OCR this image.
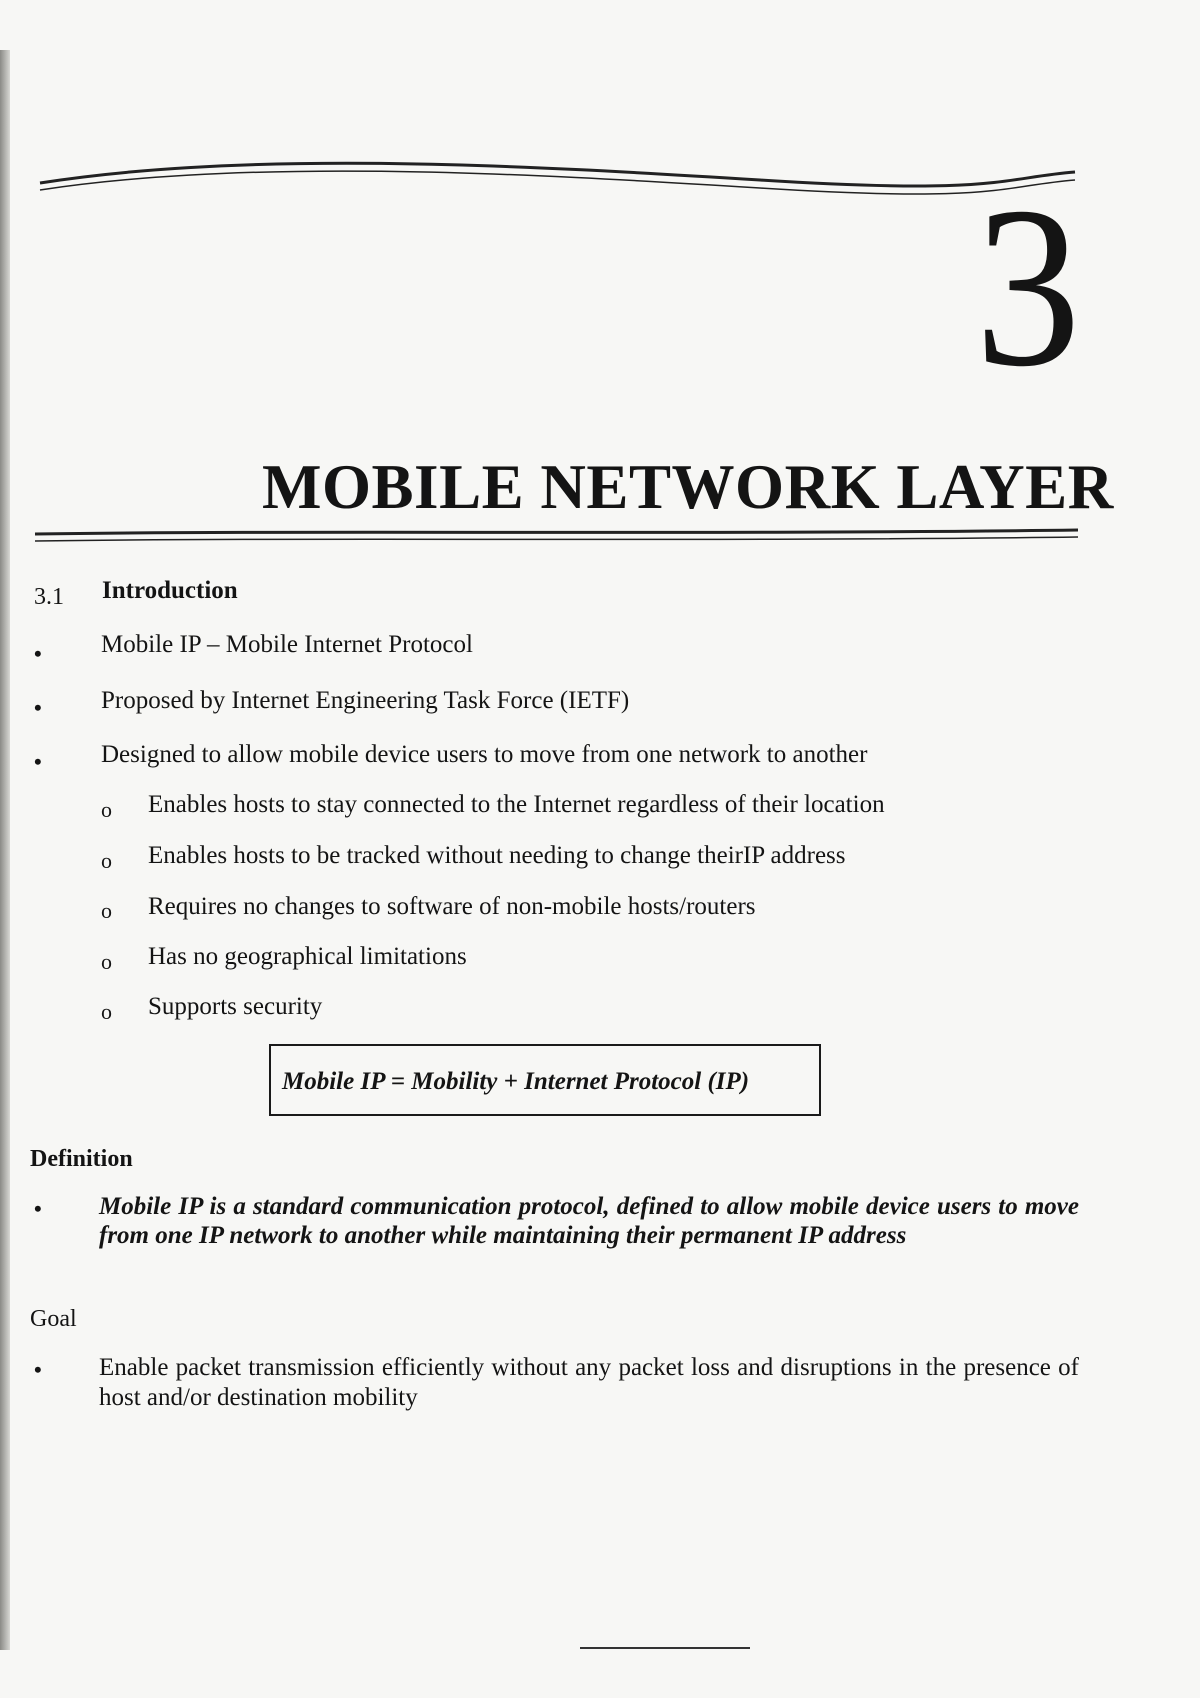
3
MOBILE NETWORK LAYER
3.1 Introduction
• Mobile IP – Mobile Internet Protocol
• Proposed by Internet Engineering Task Force (IETF)
• Designed to allow mobile device users to move from one network to another
o Enables hosts to stay connected to the Internet regardless of their location
o Enables hosts to be tracked without needing to change theirIP address
o Requires no changes to software of non-mobile hosts/routers
o Has no geographical limitations
o Supports security
Mobile IP = Mobility + Internet Protocol (IP)
Definition
• Mobile IP is a standard communication protocol, defined to allow mobile device users to move from one IP network to another while maintaining their permanent IP address
Goal
• Enable packet transmission efficiently without any packet loss and disruptions in the presence of host and/or destination mobility
